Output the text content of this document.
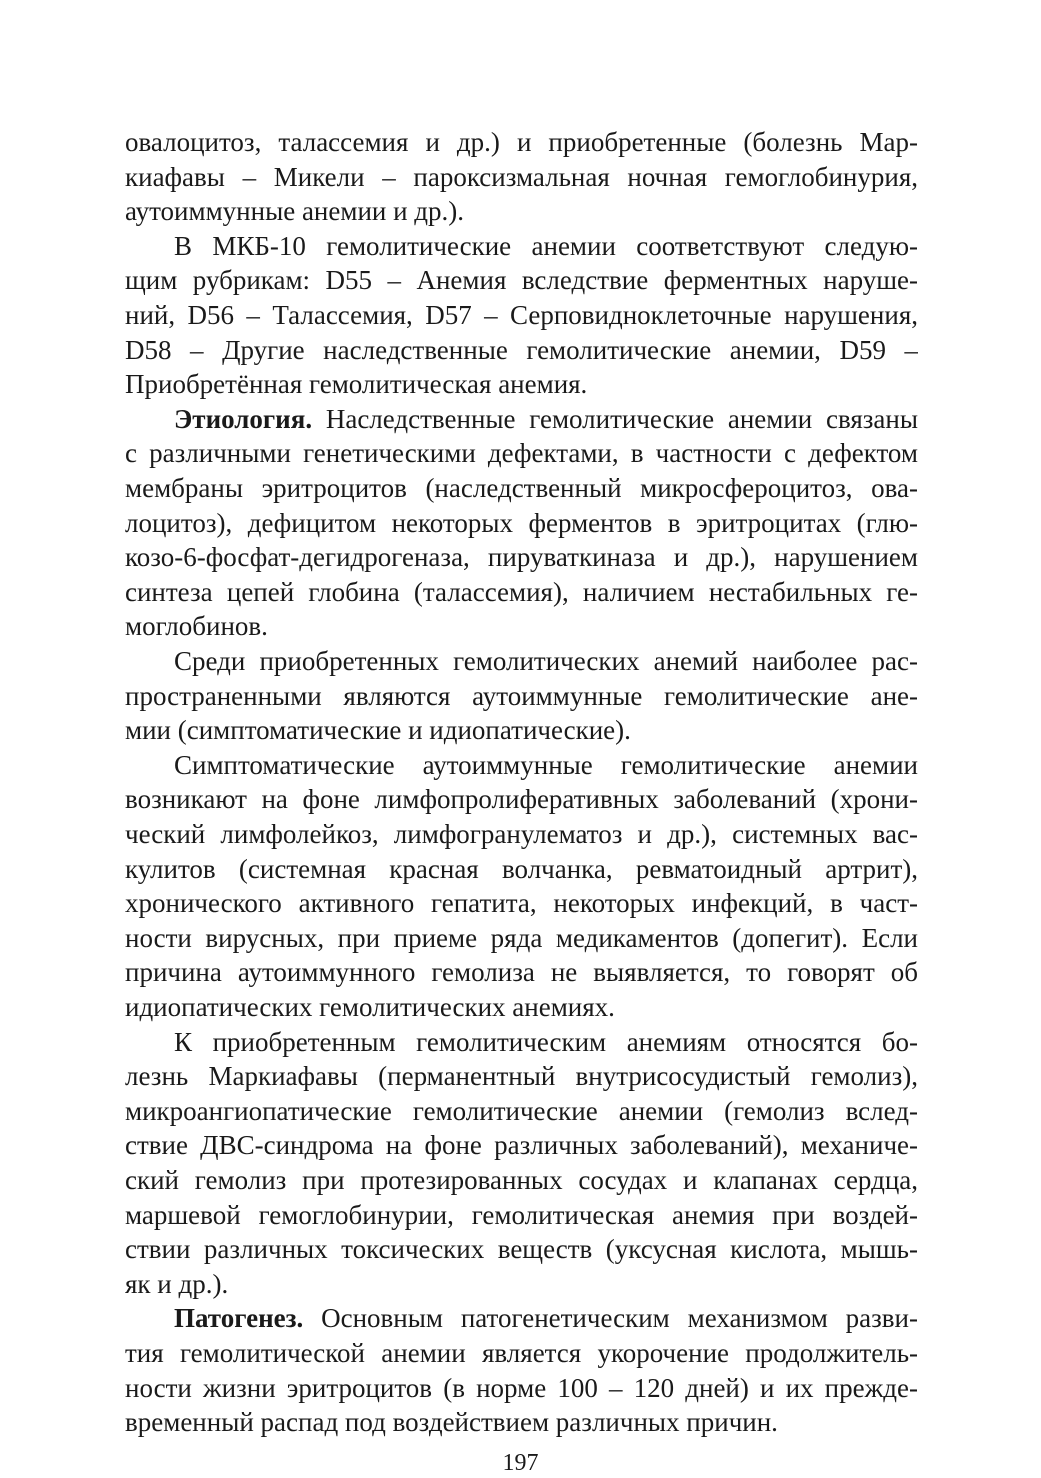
овалоцитоз, талассемия и др.) и приобретенные (болезнь Мар-
киафавы – Микели – пароксизмальная ночная гемоглобинурия,
аутоиммунные анемии и др.).
В МКБ-10 гемолитические анемии соответствуют следую-
щим рубрикам: D55 – Анемия вследствие ферментных наруше-
ний, D56 – Талассемия, D57 – Серповидноклеточные нарушения,
D58 – Другие наследственные гемолитические анемии, D59 –
Приобретённая гемолитическая анемия.
Этиология. Наследственные гемолитические анемии связаны
с различными генетическими дефектами, в частности с дефектом
мембраны эритроцитов (наследственный микросфероцитоз, ова-
лоцитоз), дефицитом некоторых ферментов в эритроцитах (глю-
козо-6-фосфат-дегидрогеназа, пируваткиназа и др.), нарушением
синтеза цепей глобина (талассемия), наличием нестабильных ге-
моглобинов.
Среди приобретенных гемолитических анемий наиболее рас-
пространенными являются аутоиммунные гемолитические ане-
мии (симптоматические и идиопатические).
Симптоматические аутоиммунные гемолитические анемии
возникают на фоне лимфопролиферативных заболеваний (хрони-
ческий лимфолейкоз, лимфогранулематоз и др.), системных вас-
кулитов (системная красная волчанка, ревматоидный артрит),
хронического активного гепатита, некоторых инфекций, в част-
ности вирусных, при приеме ряда медикаментов (допегит). Если
причина аутоиммунного гемолиза не выявляется, то говорят об
идиопатических гемолитических анемиях.
К приобретенным гемолитическим анемиям относятся бо-
лезнь Маркиафавы (перманентный внутрисосудистый гемолиз),
микроангиопатические гемолитические анемии (гемолиз вслед-
ствие ДВС-синдрома на фоне различных заболеваний), механиче-
ский гемолиз при протезированных сосудах и клапанах сердца,
маршевой гемоглобинурии, гемолитическая анемия при воздей-
ствии различных токсических веществ (уксусная кислота, мышь-
як и др.).
Патогенез. Основным патогенетическим механизмом разви-
тия гемолитической анемии является укорочение продолжитель-
ности жизни эритроцитов (в норме 100 – 120 дней) и их прежде-
временный распад под воздействием различных причин.
197
